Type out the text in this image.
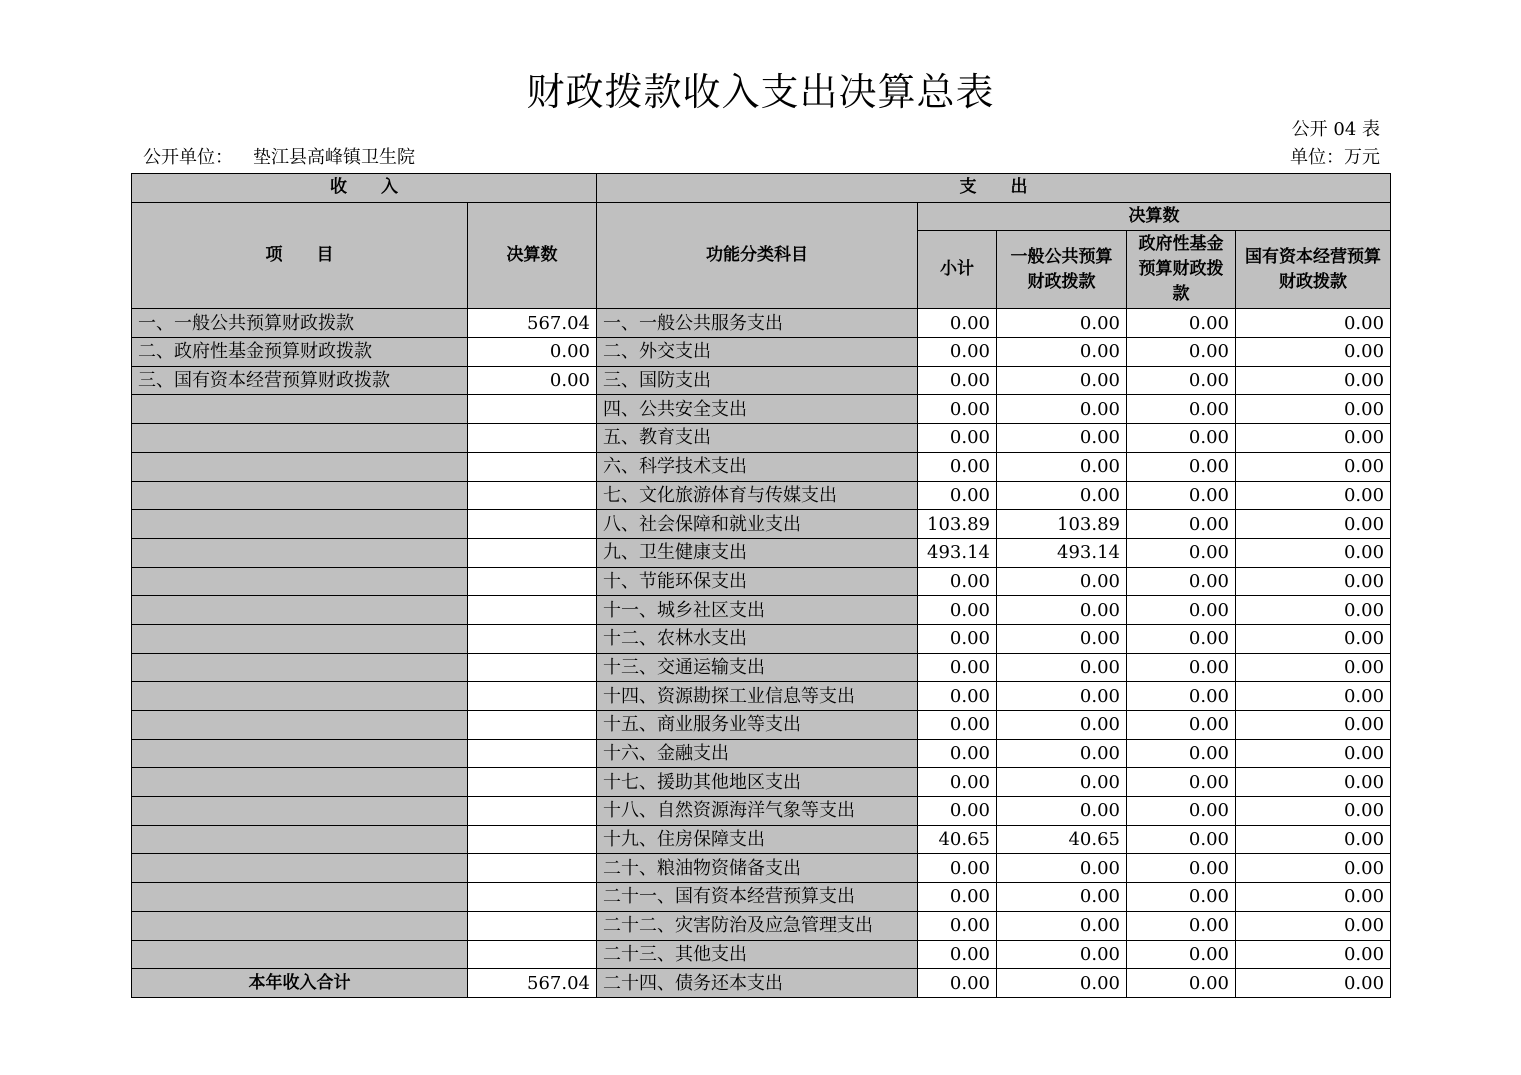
财政拨款收入支出决算总表
公开 04 表
公开单位： 垫江县高峰镇卫生院	单位：万元
收　　入		支　　出				
项　　目	决算数	功能分类科目	决算数			
			小计	一般公共预算财政拨款	政府性基金预算财政拨款	国有资本经营预算财政拨款
一、一般公共预算财政拨款	567.04	一、一般公共服务支出	0.00	0.00	0.00	0.00
二、政府性基金预算财政拨款	0.00	二、外交支出	0.00	0.00	0.00	0.00
三、国有资本经营预算财政拨款	0.00	三、国防支出	0.00	0.00	0.00	0.00
		四、公共安全支出	0.00	0.00	0.00	0.00
		五、教育支出	0.00	0.00	0.00	0.00
		六、科学技术支出	0.00	0.00	0.00	0.00
		七、文化旅游体育与传媒支出	0.00	0.00	0.00	0.00
		八、社会保障和就业支出	103.89	103.89	0.00	0.00
		九、卫生健康支出	493.14	493.14	0.00	0.00
		十、节能环保支出	0.00	0.00	0.00	0.00
		十一、城乡社区支出	0.00	0.00	0.00	0.00
		十二、农林水支出	0.00	0.00	0.00	0.00
		十三、交通运输支出	0.00	0.00	0.00	0.00
		十四、资源勘探工业信息等支出	0.00	0.00	0.00	0.00
		十五、商业服务业等支出	0.00	0.00	0.00	0.00
		十六、金融支出	0.00	0.00	0.00	0.00
		十七、援助其他地区支出	0.00	0.00	0.00	0.00
		十八、自然资源海洋气象等支出	0.00	0.00	0.00	0.00
		十九、住房保障支出	40.65	40.65	0.00	0.00
		二十、粮油物资储备支出	0.00	0.00	0.00	0.00
		二十一、国有资本经营预算支出	0.00	0.00	0.00	0.00
		二十二、灾害防治及应急管理支出	0.00	0.00	0.00	0.00
		二十三、其他支出	0.00	0.00	0.00	0.00
本年收入合计	567.04	二十四、债务还本支出	0.00	0.00	0.00	0.00
